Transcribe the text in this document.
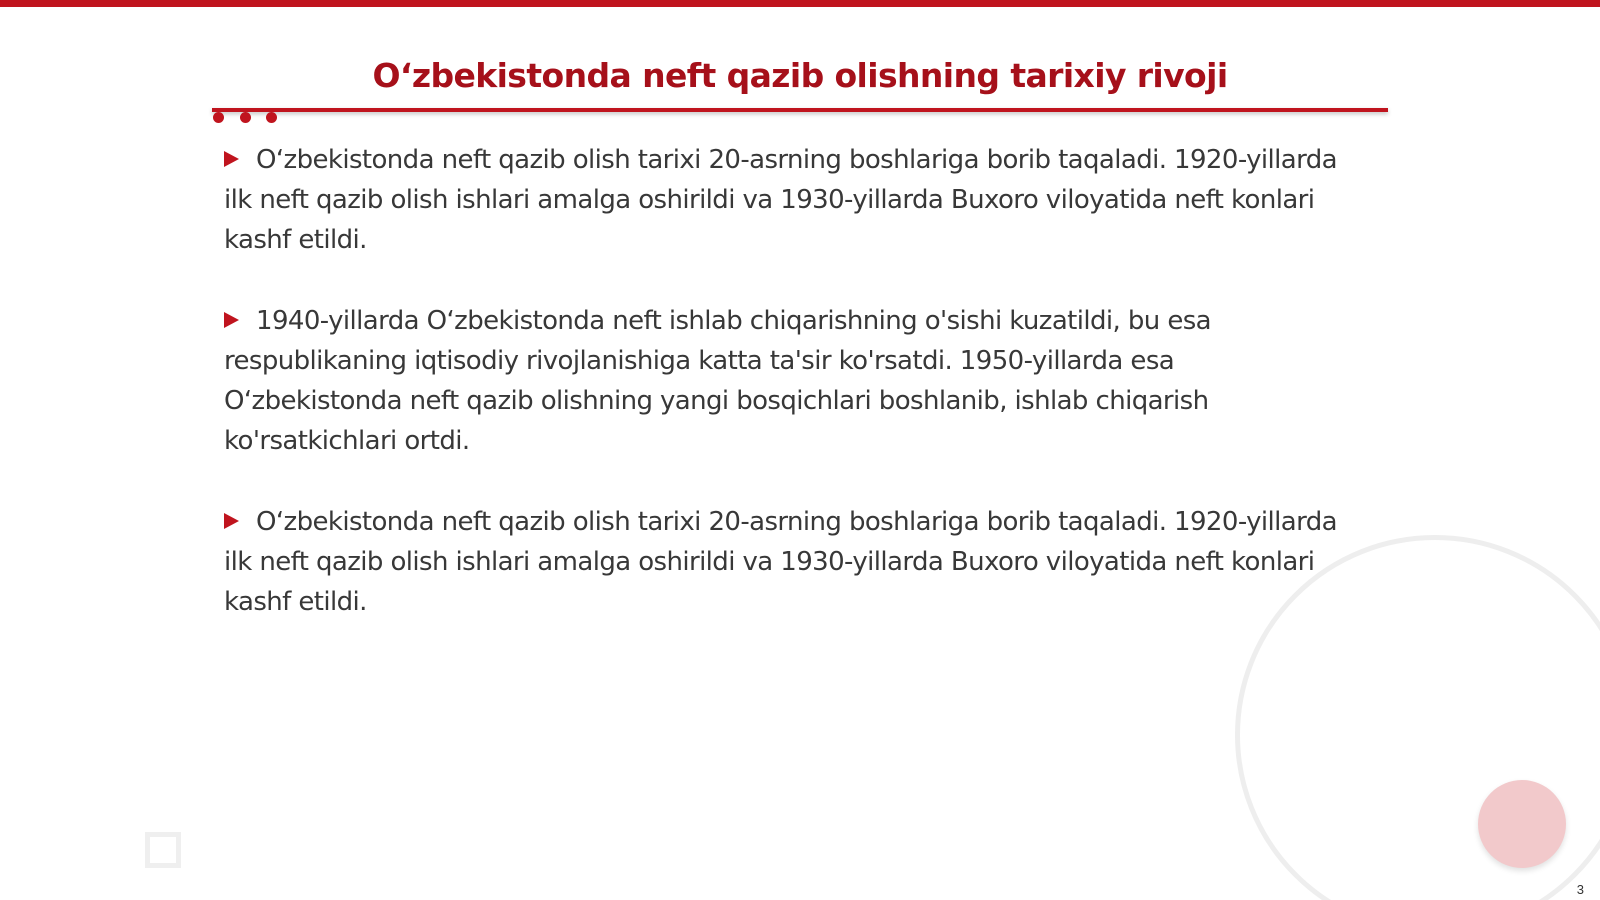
O‘zbekistonda neft qazib olishning tarixiy rivoji

O‘zbekistonda neft qazib olish tarixi 20-asrning boshlariga borib taqaladi. 1920-yillarda ilk neft qazib olish ishlari amalga oshirildi va 1930-yillarda Buxoro viloyatida neft konlari kashf etildi.

1940-yillarda O‘zbekistonda neft ishlab chiqarishning o'sishi kuzatildi, bu esa respublikaning iqtisodiy rivojlanishiga katta ta'sir ko'rsatdi. 1950-yillarda esa O‘zbekistonda neft qazib olishning yangi bosqichlari boshlanib, ishlab chiqarish ko'rsatkichlari ortdi.

O‘zbekistonda neft qazib olish tarixi 20-asrning boshlariga borib taqaladi. 1920-yillarda ilk neft qazib olish ishlari amalga oshirildi va 1930-yillarda Buxoro viloyatida neft konlari kashf etildi.

3
